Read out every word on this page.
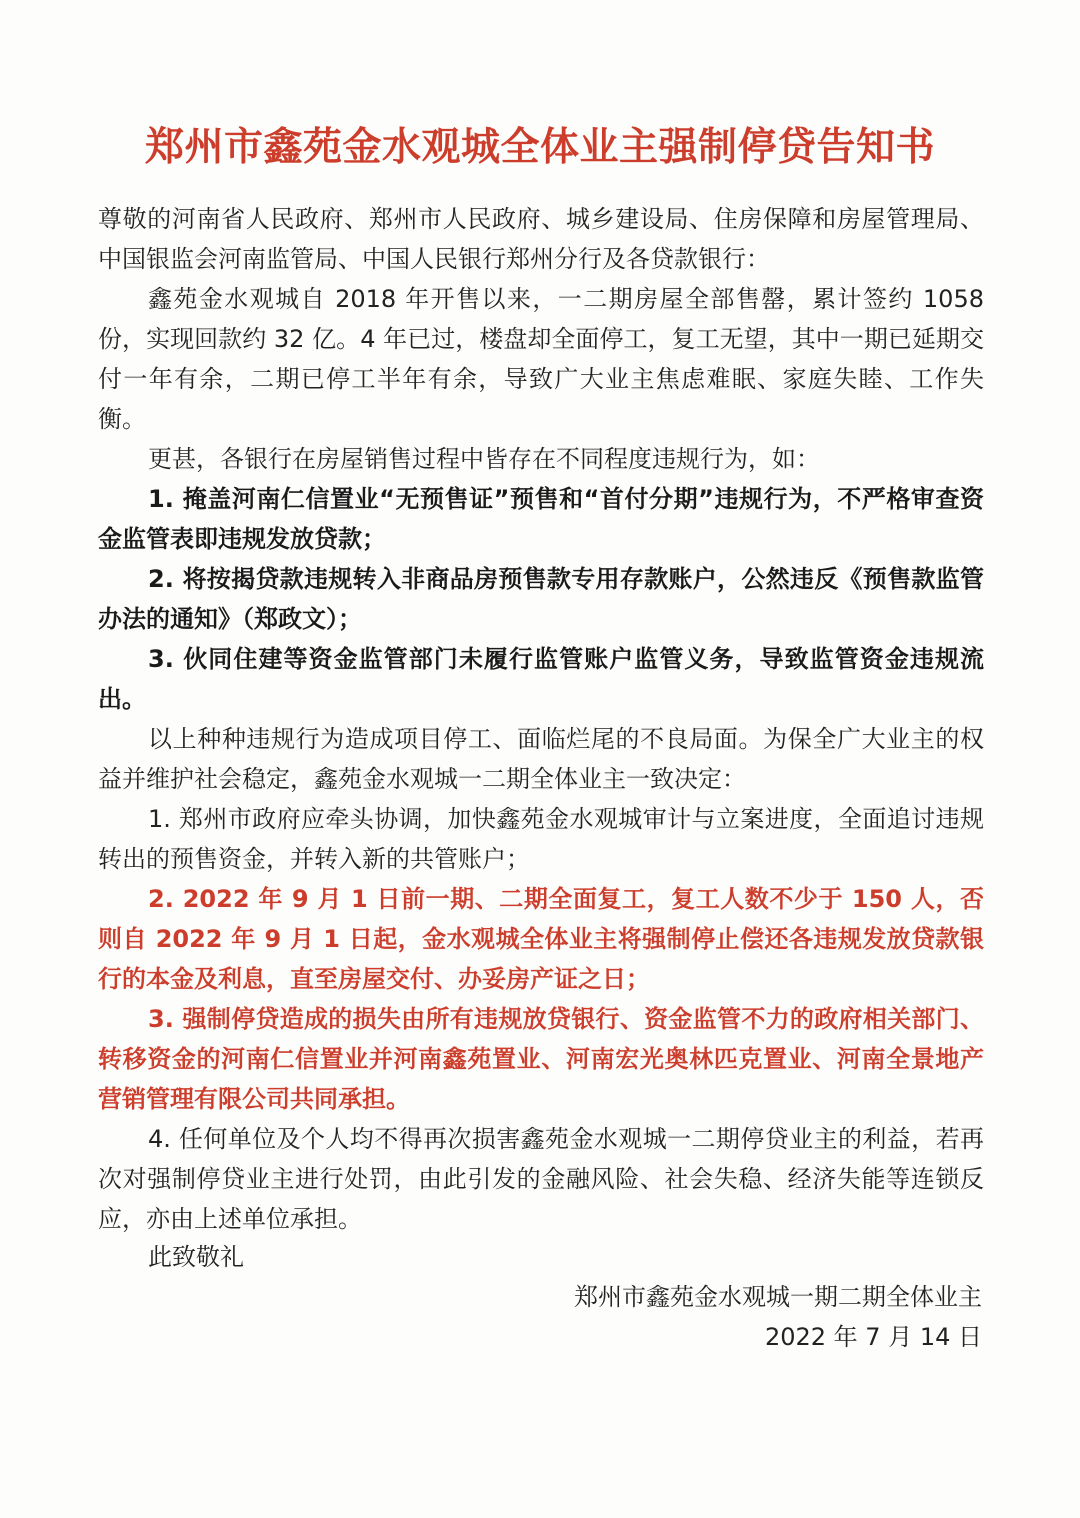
郑州市鑫苑金水观城全体业主强制停贷告知书

尊敬的河南省人民政府、郑州市人民政府、城乡建设局、住房保障和房屋管理局、中国银监会河南监管局、中国人民银行郑州分行及各贷款银行：

鑫苑金水观城自 2018 年开售以来，一二期房屋全部售罄，累计签约 1058 份，实现回款约 32 亿。4 年已过，楼盘却全面停工，复工无望，其中一期已延期交付一年有余，二期已停工半年有余，导致广大业主焦虑难眠、家庭失睦、工作失衡。

更甚，各银行在房屋销售过程中皆存在不同程度违规行为，如：

1. 掩盖河南仁信置业“无预售证”预售和“首付分期”违规行为，不严格审查资金监管表即违规发放贷款；

2. 将按揭贷款违规转入非商品房预售款专用存款账户，公然违反《预售款监管办法的通知》（郑政文）；

3. 伙同住建等资金监管部门未履行监管账户监管义务，导致监管资金违规流出。

以上种种违规行为造成项目停工、面临烂尾的不良局面。为保全广大业主的权益并维护社会稳定，鑫苑金水观城一二期全体业主一致决定：

1. 郑州市政府应牵头协调，加快鑫苑金水观城审计与立案进度，全面追讨违规转出的预售资金，并转入新的共管账户；

2. 2022 年 9 月 1 日前一期、二期全面复工，复工人数不少于 150 人，否则自 2022 年 9 月 1 日起，金水观城全体业主将强制停止偿还各违规发放贷款银行的本金及利息，直至房屋交付、办妥房产证之日；

3. 强制停贷造成的损失由所有违规放贷银行、资金监管不力的政府相关部门、转移资金的河南仁信置业并河南鑫苑置业、河南宏光奥林匹克置业、河南全景地产营销管理有限公司共同承担。

4. 任何单位及个人均不得再次损害鑫苑金水观城一二期停贷业主的利益，若再次对强制停贷业主进行处罚，由此引发的金融风险、社会失稳、经济失能等连锁反应，亦由上述单位承担。

此致敬礼

郑州市鑫苑金水观城一期二期全体业主

2022 年 7 月 14 日
